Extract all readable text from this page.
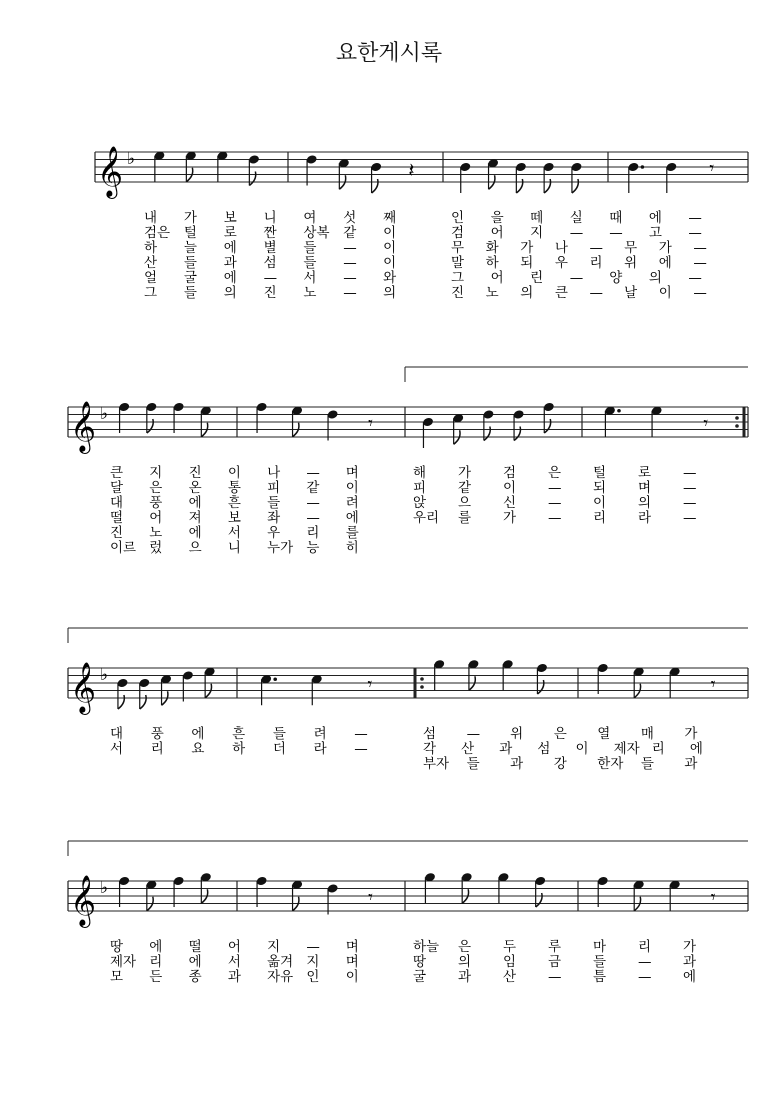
요한게시록
𝄞 ♭
내 가 보 니 여 섯 째
검은 털 로 짠 상복 같 이
하 늘 에 별 들 — 이
산 들 과 섬 들 — 이
얼 굴 에 — 서 — 와
그 들 의 진 노 — 의
𝄽
인 을 떼 실 때 에 —
검 어 지 — — 고 —
무 화 가 나 — 무 가 —
말 하 되 우 리 위 에 —
그 어 린 — 양 의 —
진 노 의 큰 — 날 이 —
𝄾
𝄞 ♭
큰 지 진 이 나 — 며
달 은 온 통 피 같 이
대 풍 에 흔 들 — 려
떨 어 져 보 좌 — 에
진 노 에 서 우 리 를
이르 렀 으 니 누가 능 히
𝄾
해 가 검 은 털 로 —
피 같 이 — 되 며 —
앉 으 신 — 이 의 —
우리 를 가 — 리 라 —
𝄾
𝄞 ♭
대 풍 에 흔 들 려 —
서 리 요 하 더 라 —
𝄾
섬 — 위 은 열 매 가
각 산 과 섬 이 제자 리 에
부자 들 과 강 한자 들 과
𝄾
𝄞 ♭
땅 에 떨 어 지 — 며
제자 리 에 서 옮겨 지 며
모 든 종 과 자유 인 이
𝄾
하늘 은 두 루 마 리 가
땅 의 임 금 들 — 과
굴 과 산 — 틈 — 에
𝄾
